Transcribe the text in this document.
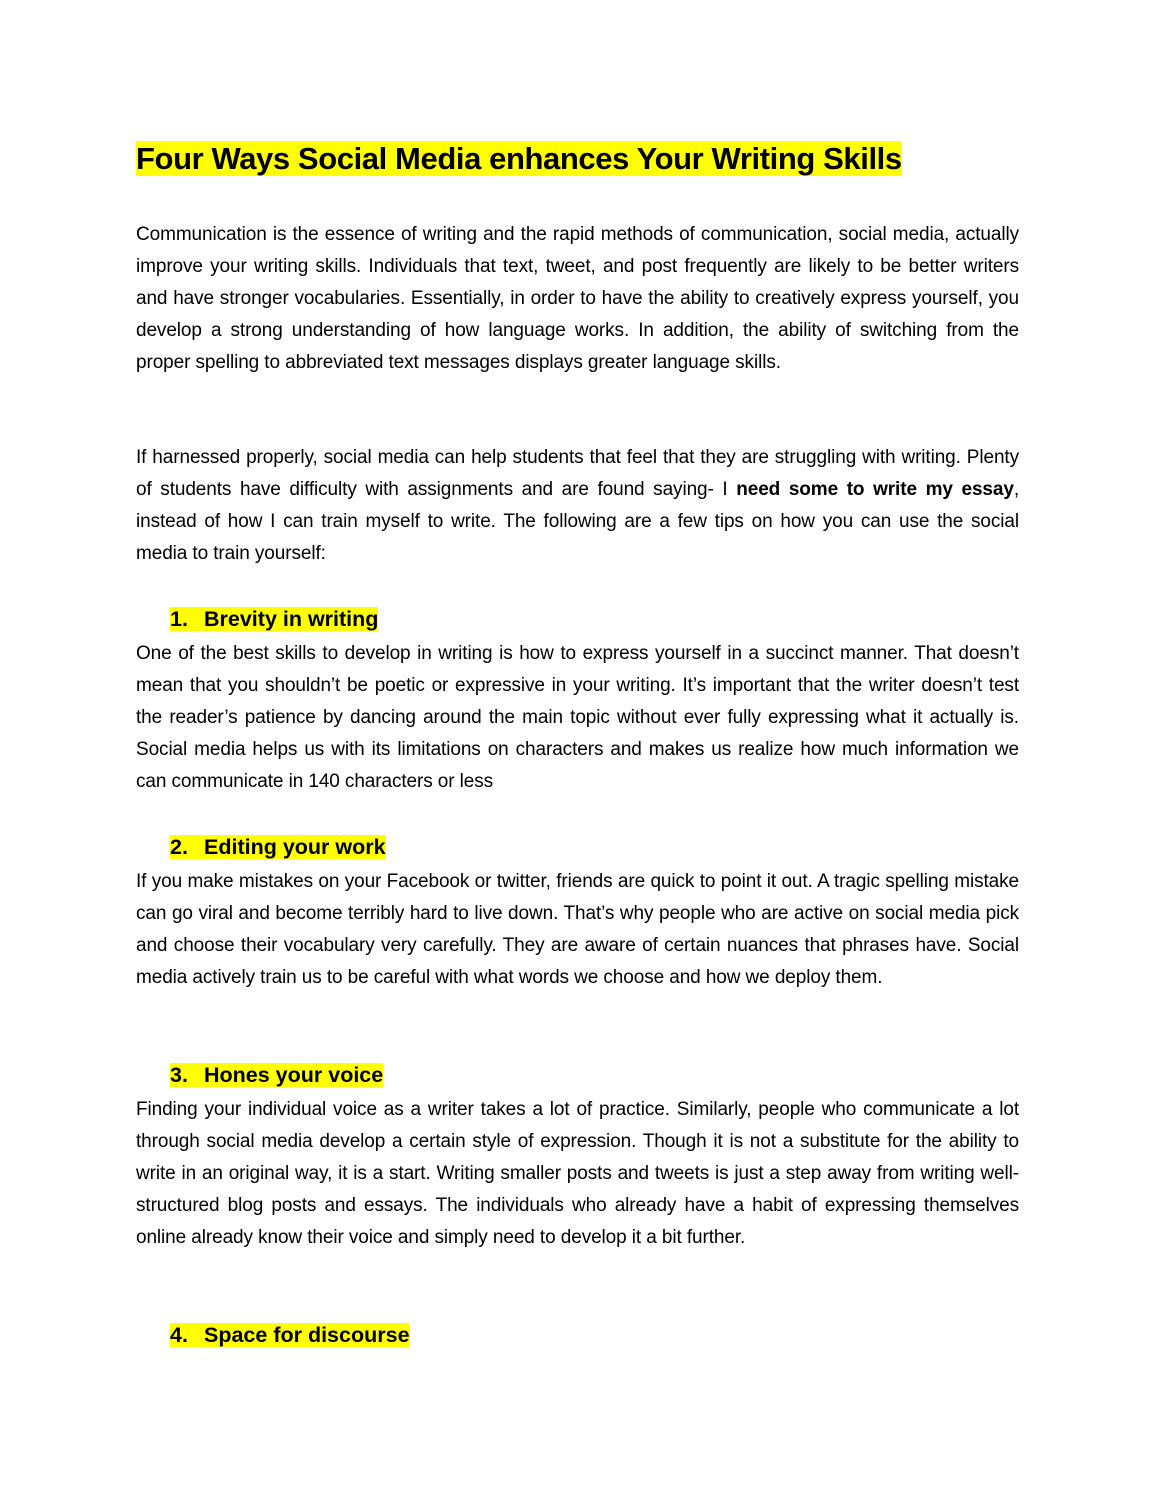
Four Ways Social Media enhances Your Writing Skills

Communication is the essence of writing and the rapid methods of communication, social media, actually improve your writing skills. Individuals that text, tweet, and post frequently are likely to be better writers and have stronger vocabularies. Essentially, in order to have the ability to creatively express yourself, you develop a strong understanding of how language works. In addition, the ability of switching from the proper spelling to abbreviated text messages displays greater language skills.

If harnessed properly, social media can help students that feel that they are struggling with writing. Plenty of students have difficulty with assignments and are found saying- I need some to write my essay, instead of how I can train myself to write. The following are a few tips on how you can use the social media to train yourself:

1. Brevity in writing

One of the best skills to develop in writing is how to express yourself in a succinct manner. That doesn’t mean that you shouldn’t be poetic or expressive in your writing. It’s important that the writer doesn’t test the reader’s patience by dancing around the main topic without ever fully expressing what it actually is. Social media helps us with its limitations on characters and makes us realize how much information we can communicate in 140 characters or less

2. Editing your work

If you make mistakes on your Facebook or twitter, friends are quick to point it out. A tragic spelling mistake can go viral and become terribly hard to live down. That’s why people who are active on social media pick and choose their vocabulary very carefully. They are aware of certain nuances that phrases have. Social media actively train us to be careful with what words we choose and how we deploy them.

3. Hones your voice

Finding your individual voice as a writer takes a lot of practice. Similarly, people who communicate a lot through social media develop a certain style of expression. Though it is not a substitute for the ability to write in an original way, it is a start. Writing smaller posts and tweets is just a step away from writing well-structured blog posts and essays. The individuals who already have a habit of expressing themselves online already know their voice and simply need to develop it a bit further.

4. Space for discourse
